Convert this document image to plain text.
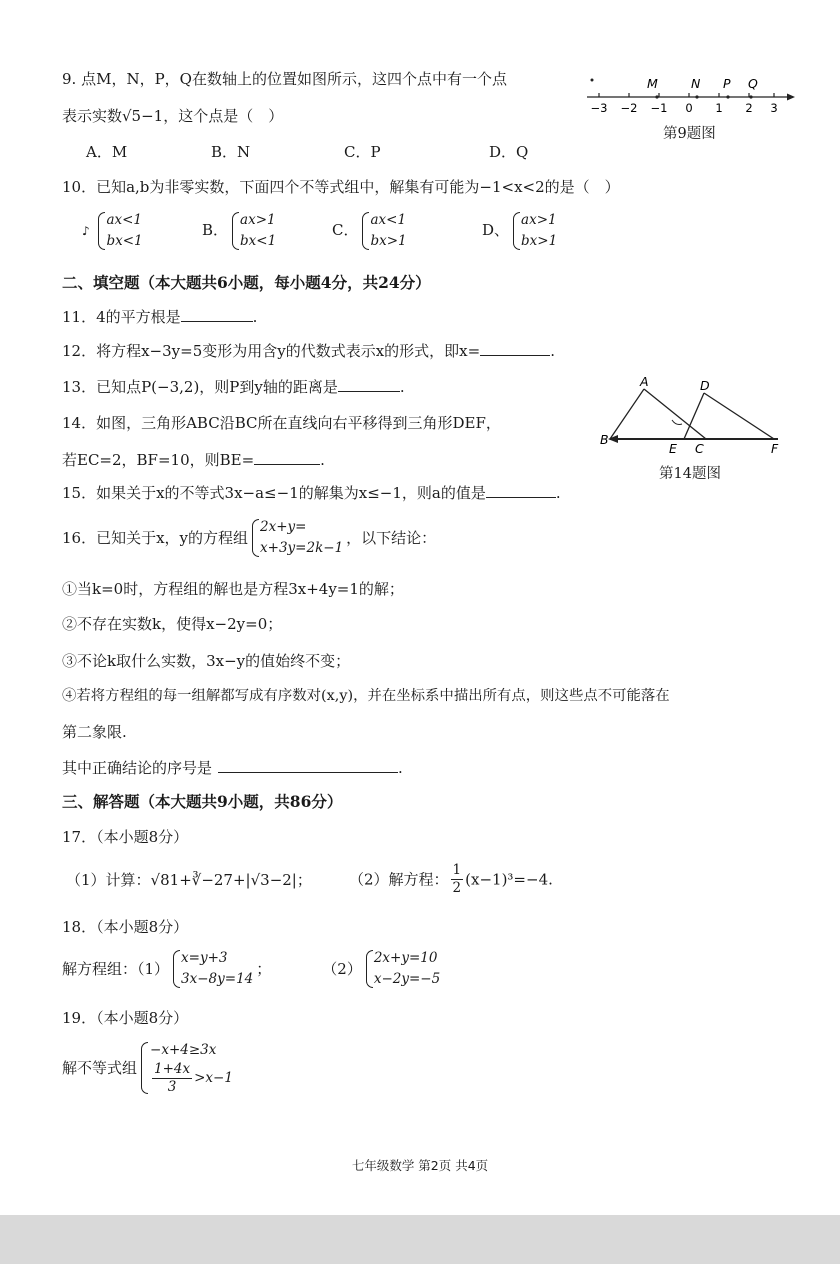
9. 点M，N，P，Q在数轴上的位置如图所示，这四个点中有一个点
表示实数√5−1，这个点是（　）
A．M	B．N	C．P	D．Q
M	N P Q
−3 −2 −1 0 1 2 3
第9题图
10．已知a,b为非零实数，下面四个不等式组中，解集有可能为−1<x<2的是（　）
♪
ax<1
bx<1
B．
ax>1
bx<1
C．
ax<1
bx>1
D、
ax>1
bx>1
二、填空题（本大题共6小题，每小题4分，共24分）
11．4的平方根是	.
12．将方程x−3y=5变形为用含y的代数式表示x的形式，即x=	.
13．已知点P(−3,2)，则P到y轴的距离是	.
14．如图，三角形ABC沿BC所在直线向右平移得到三角形DEF，
若EC=2，BF=10，则BE=	.
A	D
B
E C	F
第14题图
15．如果关于x的不等式3x−a≤−1的解集为x≤−1，则a的值是	.
16．已知关于x，y的方程组
2x+y=
x+3y=2k−1
，以下结论：
①当k=0时，方程组的解也是方程3x+4y=1的解；
②不存在实数k，使得x−2y=0；
③不论k取什么实数，3x−y的值始终不变；
④若将方程组的每一组解都写成有序数对(x,y)，并在坐标系中描出所有点，则这些点不可能落在
第二象限.
其中正确结论的序号是	.
三、解答题（本大题共9小题，共86分）
17．（本小题8分）
（1）计算：√81+∛−27+|√3−2|； （2）解方程： $\frac{1}{2} (x-1)^3=-4$.
18．（本小题8分）
解方程组：（1）
x=y+3
3x−8y=14
；	（2）
2x+y=10
x−2y=−5
19．（本小题8分）
解不等式组
−x+4≥3x
$\frac{1+4x}{3} >x-1$
七年级数学 第2页 共4页
